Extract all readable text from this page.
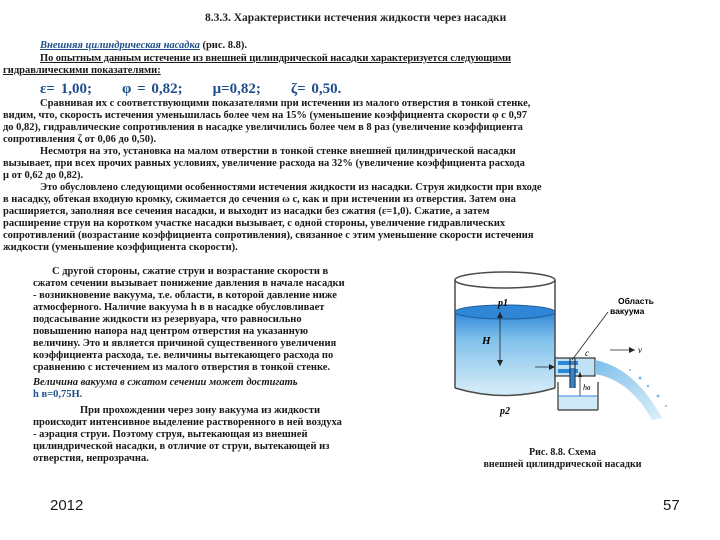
8.3.3. Характеристики истечения жидкости через насадки

Внешняя цилиндрическая насадка (рис. 8.8).

По опытным данным истечение из внешней цилиндрической насадки характеризуется следующими

гидравлическими показателями:

ε= 1,00; φ = 0,82; μ=0,82; ζ= 0,50.

Сравнивая их с соответствующими показателями при истечении из малого отверстия в тонкой стенке,

видим, что, скорость истечения уменьшилась более чем на 15% (уменьшение коэффициента скорости φ с 0,97

до 0,82), гидравлические сопротивления в насадке увеличились более чем в 8 раз (увеличение коэффициента

сопротивления ζ от 0,06 до 0,50).

Несмотря на это, установка на малом отверстии в тонкой стенке внешней цилиндрической насадки

вызывает, при всех прочих равных условиях, увеличение расхода на 32% (увеличение коэффициента расхода

μ от 0,62 до 0,82).

Это обусловлено следующими особенностями истечения жидкости из насадки. Струя жидкости при входе

в насадку, обтекая входную кромку, сжимается до сечения ω c, как и при истечении из отверстия. Затем она

расширяется, заполняя все сечения насадки, и выходит из насадки без сжатия (ε=1,0). Сжатие, а затем

расширение струи на коротком участке насадки вызывает, с одной стороны, увеличение гидравлических

сопротивлений (возрастание коэффициента сопротивления), связанное с этим уменьшение скорости истечения

жидкости (уменьшение коэффициента скорости).

С другой стороны, сжатие струи и возрастание скорости в

сжатом сечении вызывает понижение давления в начале насадки

- возникновение вакуума, т.е. области, в которой давление ниже

атмосферного. Наличие вакуума h в в насадке обусловливает

подсасывание жидкости из резервуара, что равносильно

повышению напора над центром отверстия на указанную

величину. Это и является причиной существенного увеличения

коэффициента расхода, т.е. величины вытекающего расхода по

сравнению с истечением из малого отверстия в тонкой стенке.

Величина вакуума в сжатом сечении может достигать

h в=0,75H.

При прохождении через зону вакуума из жидкости

происходит интенсивное выделение растворенного в ней воздуха

- аэрация струи. Поэтому струя, вытекающая из внешней

цилиндрической насадки, в отличие от струи, вытекающей из

отверстия, непрозрачна.

p1
H
Область вакуума
c	v
hв
p2

Рис. 8.8. Схема
внешней цилиндрической насадки

2012	57
